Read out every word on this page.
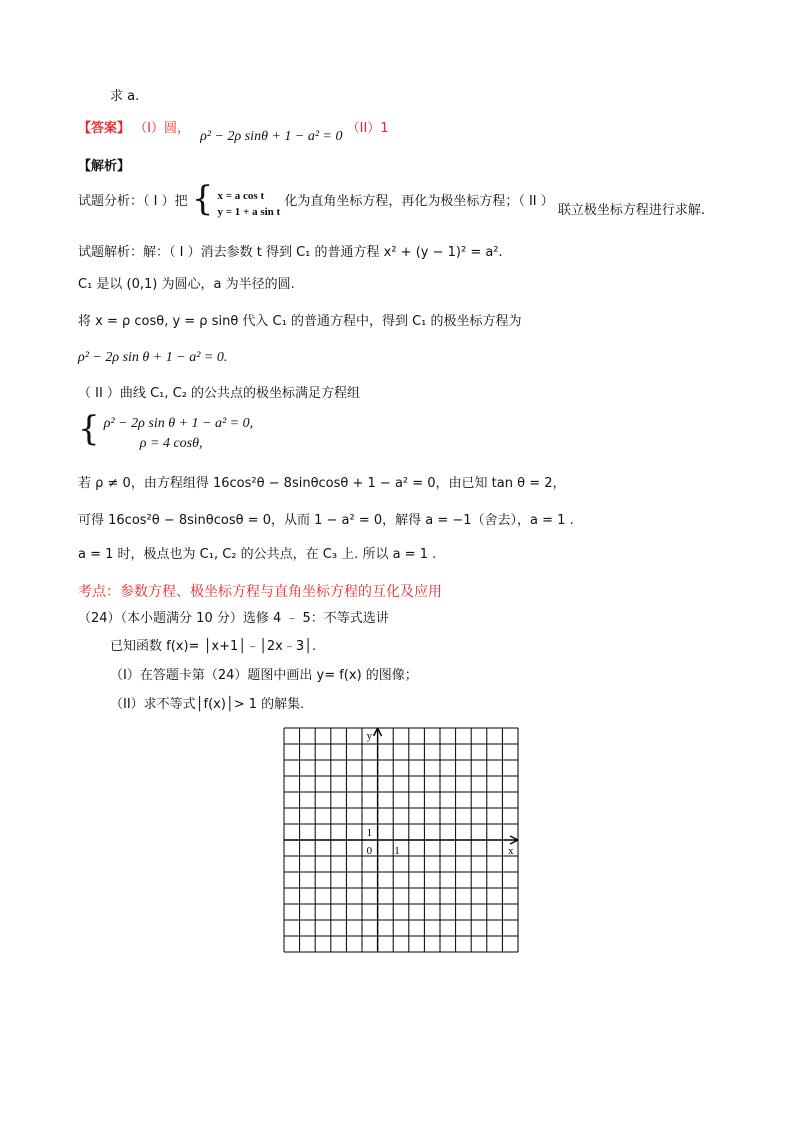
求 a.
【答案】 （I）圆， ρ² − 2ρ sinθ + 1 − a² = 0 （II）1
【解析】
试题分析：（ I ）把 { x = a cos t
y = 1 + a sin t
化为直角坐标方程，再化为极坐标方程；（ II ） 联立极坐标方程进行求解.
试题解析：解：（ I ）消去参数 t 得到 C₁ 的普通方程 x² + (y − 1)² = a².
C₁ 是以 (0,1) 为圆心，a 为半径的圆.
将 x = ρ cosθ, y = ρ sinθ 代入 C₁ 的普通方程中，得到 C₁ 的极坐标方程为
ρ² − 2ρ sin θ + 1 − a² = 0.
（ II ）曲线 C₁, C₂ 的公共点的极坐标满足方程组
{ ρ² − 2ρ sin θ + 1 − a² = 0,
ρ = 4 cosθ,
若 ρ ≠ 0，由方程组得 16cos²θ − 8sinθcosθ + 1 − a² = 0，由已知 tan θ = 2，
可得 16cos²θ − 8sinθcosθ = 0，从而 1 − a² = 0，解得 a = −1（舍去），a = 1 .
a = 1 时，极点也为 C₁, C₂ 的公共点，在 C₃ 上. 所以 a = 1 .
考点：参数方程、极坐标方程与直角坐标方程的互化及应用
（24）（本小题满分 10 分）选修 4 ﹣ 5：不等式选讲
已知函数 f(x)= │x+1│﹣│2x﹣3│.
（I）在答题卡第（24）题图中画出 y= f(x) 的图像；
（II）求不等式│f(x)│> 1 的解集.
y
x
0 1
1
